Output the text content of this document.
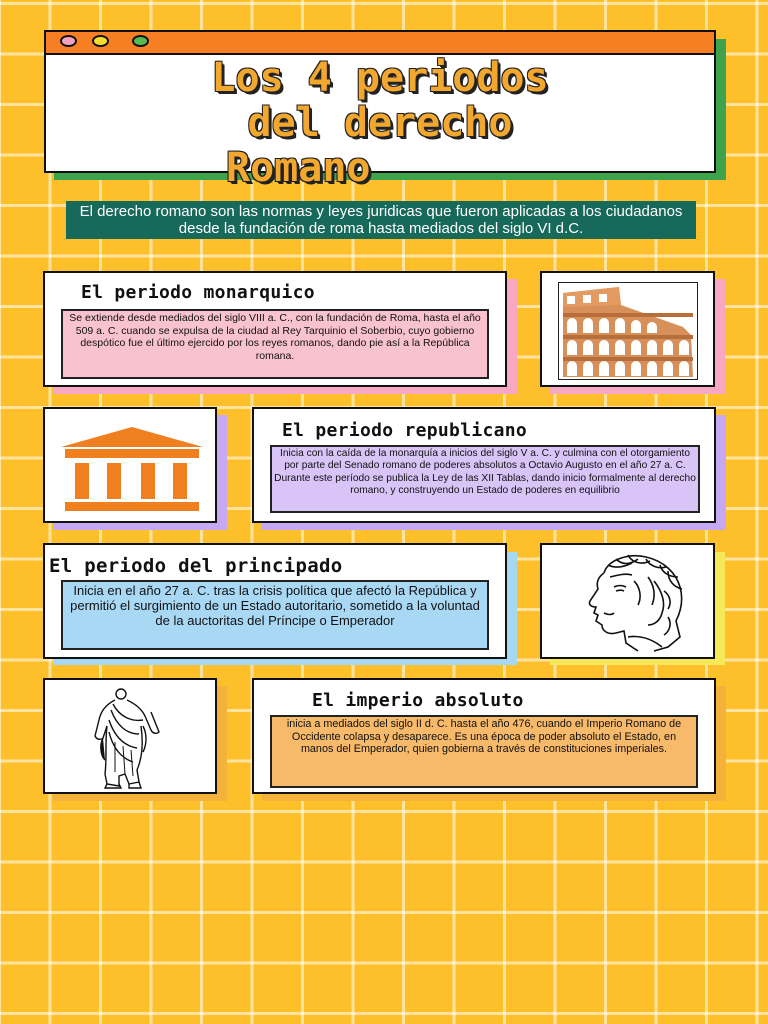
Los 4 periodos
del derecho
Romano
El derecho romano son las normas y leyes juridicas que fueron aplicadas a los ciudadanos desde la fundación de roma hasta mediados del siglo VI d.C.
El periodo monarquico
Se extiende desde mediados del siglo VIII a. C., con la fundación de Roma, hasta el año 509 a. C. cuando se expulsa de la ciudad al Rey Tarquinio el Soberbio, cuyo gobierno despótico fue el último ejercido por los reyes romanos, dando pie así a la República romana.
El periodo republicano
Inicia con la caída de la monarquía a inicios del siglo V a. C. y culmina con el otorgamiento por parte del Senado romano de poderes absolutos a Octavio Augusto en el año 27 a. C. Durante este período se publica la Ley de las XII Tablas, dando inicio formalmente al derecho romano, y construyendo un Estado de poderes en equilibrio
El periodo del principado
Inicia en el año 27 a. C. tras la crisis política que afectó la República y permitió el surgimiento de un Estado autoritario, sometido a la voluntad de la auctoritas del Príncipe o Emperador
El imperio absoluto
inicia a mediados del siglo II d. C. hasta el año 476, cuando el Imperio Romano de Occidente colapsa y desaparece. Es una época de poder absoluto el Estado, en manos del Emperador, quien gobierna a través de constituciones imperiales.
